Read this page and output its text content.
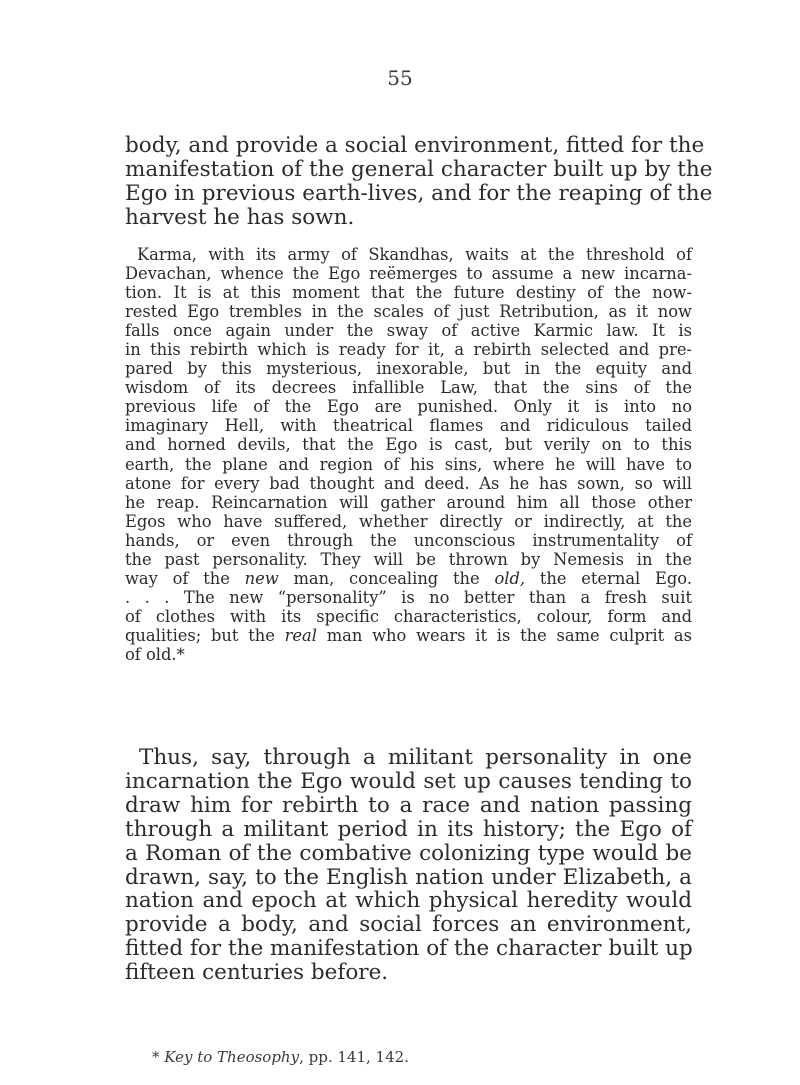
55
body, and provide a social environment, fitted for the
manifestation of the general character built up by the
Ego in previous earth-lives, and for the reaping of the
harvest he has sown.
Karma, with its army of Skandhas, waits at the threshold of
Devachan, whence the Ego reëmerges to assume a new incarna-
tion. It is at this moment that the future destiny of the now-
rested Ego trembles in the scales of just Retribution, as it now
falls once again under the sway of active Karmic law. It is
in this rebirth which is ready for it, a rebirth selected and pre-
pared by this mysterious, inexorable, but in the equity and
wisdom of its decrees infallible Law, that the sins of the
previous life of the Ego are punished. Only it is into no
imaginary Hell, with theatrical flames and ridiculous tailed
and horned devils, that the Ego is cast, but verily on to this
earth, the plane and region of his sins, where he will have to
atone for every bad thought and deed. As he has sown, so will
he reap. Reincarnation will gather around him all those other
Egos who have suffered, whether directly or indirectly, at the
hands, or even through the unconscious instrumentality of
the past personality. They will be thrown by Nemesis in the
way of the new man, concealing the old, the eternal Ego.
. . . The new “personality” is no better than a fresh suit
of clothes with its specific characteristics, colour, form and
qualities; but the real man who wears it is the same culprit as
of old.*
Thus, say, through a militant personality in one
incarnation the Ego would set up causes tending to
draw him for rebirth to a race and nation passing
through a militant period in its history; the Ego of
a Roman of the combative colonizing type would be
drawn, say, to the English nation under Elizabeth, a
nation and epoch at which physical heredity would
provide a body, and social forces an environment,
fitted for the manifestation of the character built up
fifteen centuries before.
* Key to Theosophy, pp. 141, 142.
